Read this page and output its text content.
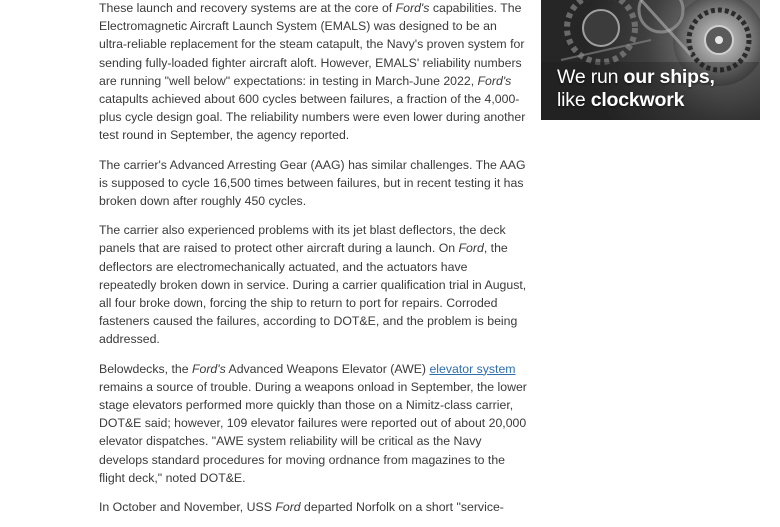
These launch and recovery systems are at the core of Ford's capabilities. The Electromagnetic Aircraft Launch System (EMALS) was designed to be an ultra-reliable replacement for the steam catapult, the Navy's proven system for sending fully-loaded fighter aircraft aloft. However, EMALS' reliability numbers are running "well below" expectations: in testing in March-June 2022, Ford's catapults achieved about 600 cycles between failures, a fraction of the 4,000-plus cycle design goal. The reliability numbers were even lower during another test round in September, the agency reported.

The carrier's Advanced Arresting Gear (AAG) has similar challenges. The AAG is supposed to cycle 16,500 times between failures, but in recent testing it has broken down after roughly 450 cycles.

The carrier also experienced problems with its jet blast deflectors, the deck panels that are raised to protect other aircraft during a launch. On Ford, the deflectors are electromechanically actuated, and the actuators have repeatedly broken down in service. During a carrier qualification trial in August, all four broke down, forcing the ship to return to port for repairs. Corroded fasteners caused the failures, according to DOT&E, and the problem is being addressed.

Belowdecks, the Ford's Advanced Weapons Elevator (AWE) elevator system remains a source of trouble. During a weapons onload in September, the lower stage elevators performed more quickly than those on a Nimitz-class carrier, DOT&E said; however, 109 elevator failures were reported out of about 20,000 elevator dispatches. "AWE system reliability will be critical as the Navy develops standard procedures for moving ordnance from magazines to the flight deck," noted DOT&E.

In October and November, USS Ford departed Norfolk on a short "service-

We run our ships,
like clockwork
